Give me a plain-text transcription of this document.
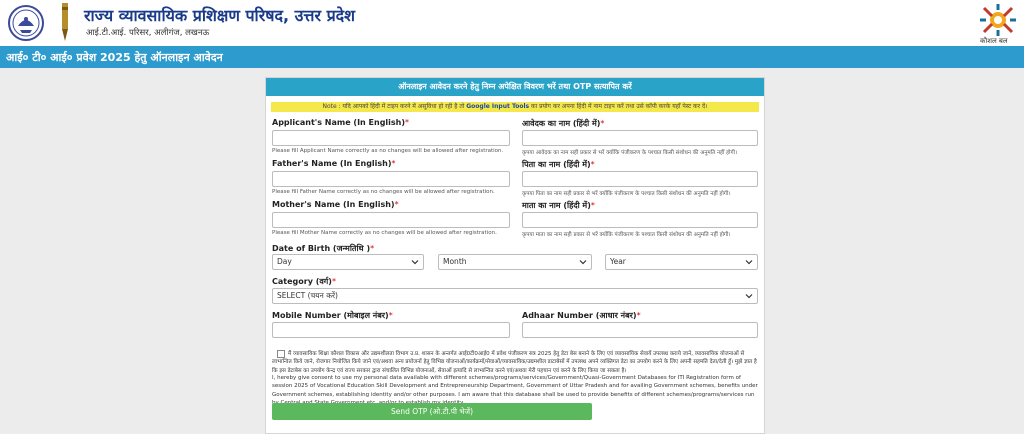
राज्य व्यावसायिक प्रशिक्षण परिषद, उत्तर प्रदेश
आई.टी.आई. परिसर, अलीगंज, लखनऊ
कौशल बल
आई० टी० आई० प्रवेश 2025 हेतु ऑनलाइन आवेदन
ऑनलाइन आवेदन करने हेतु निम्न अपेक्षित विवरण भरें तथा OTP सत्यापित करें
Note : यदि आपको हिंदी में टाइप करने में असुविधा हो रही है तो Google Input Tools का प्रयोग कर अपना हिंदी में नाम टाइप करें तथा उसे कॉपी करके यहाँ पेस्ट कर दें।
Applicant's Name (In English)*
Please fill Applicant Name correctly as no changes will be allowed after registration.
आवेदक का नाम (हिंदी में)*
कृपया आवेदक का नाम सही प्रकार से भरें क्योंकि पंजीकरण के पश्चात किसी संशोधन की अनुमति नहीं होगी।
Father's Name (In English)*
Please fill Father Name correctly as no changes will be allowed after registration.
पिता का नाम (हिंदी में)*
कृपया पिता का नाम सही प्रकार से भरें क्योंकि पंजीकरण के पश्चात किसी संशोधन की अनुमति नहीं होगी।
Mother's Name (In English)*
Please fill Mother Name correctly as no changes will be allowed after registration.
माता का नाम (हिंदी में)*
कृपया माता का नाम सही प्रकार से भरें क्योंकि पंजीकरण के पश्चात किसी संशोधन की अनुमति नहीं होगी।
Date of Birth (जन्मतिथि )*
Day	Month	Year
Category (वर्ग)*
SELECT (चयन करें)
Mobile Number (मोबाइल नंबर)*	Adhaar Number (आधार नंबर)*
मैं व्यावसायिक शिक्षा कौशल विकास और उद्यमशीलता विभाग उ.प्र. शासन के अन्तर्गत आई0टी0आई0 में प्रवेश पंजीकरण सत्र 2025 हेतु डेटा बेस बनाने के लिए एवं व्यावसायिक सेवायें उपलब्ध कराये जाने, व्यावसायिक योजनाओं से लाभान्वित किये जाने, रोजगार नियोजित किये जाने एवं/अथवा अन्य प्रयोजनों हेतु विभिन्न योजनाओं/कार्यक्रमों/सेवाओं/व्यावसायिक/उद्यमशील डाटाबेसों में उपलब्ध अपने व्यक्तिगत डेटा का उपयोग करने के लिए अपनी सहमति देता/देती हूँ। मुझे ज्ञात है कि इस डेटाबेस का उपयोग केन्द्र एवं राज्य सरकार द्वारा संचालित विभिन्न योजनाओं, सेवाओं इत्यादि से लाभान्वित करने एवं/अथवा मेरी पहचान एवं करने के लिए किया जा सकता है।
I, hereby give consent to use my personal data available with different schemes/programs/services/Government/Quasi-Government Databases for ITI Registration form of session 2025 of Vocational Education Skill Development and Entrepreneurship Department, Government of Uttar Pradesh and for availing Government schemes, benefits under Government schemes, establishing identity and/or other purposes. I am aware that this database shall be used to provide benefits of different schemes/programs/services run
Send OTP (ओ.टी.पी भेजें)
